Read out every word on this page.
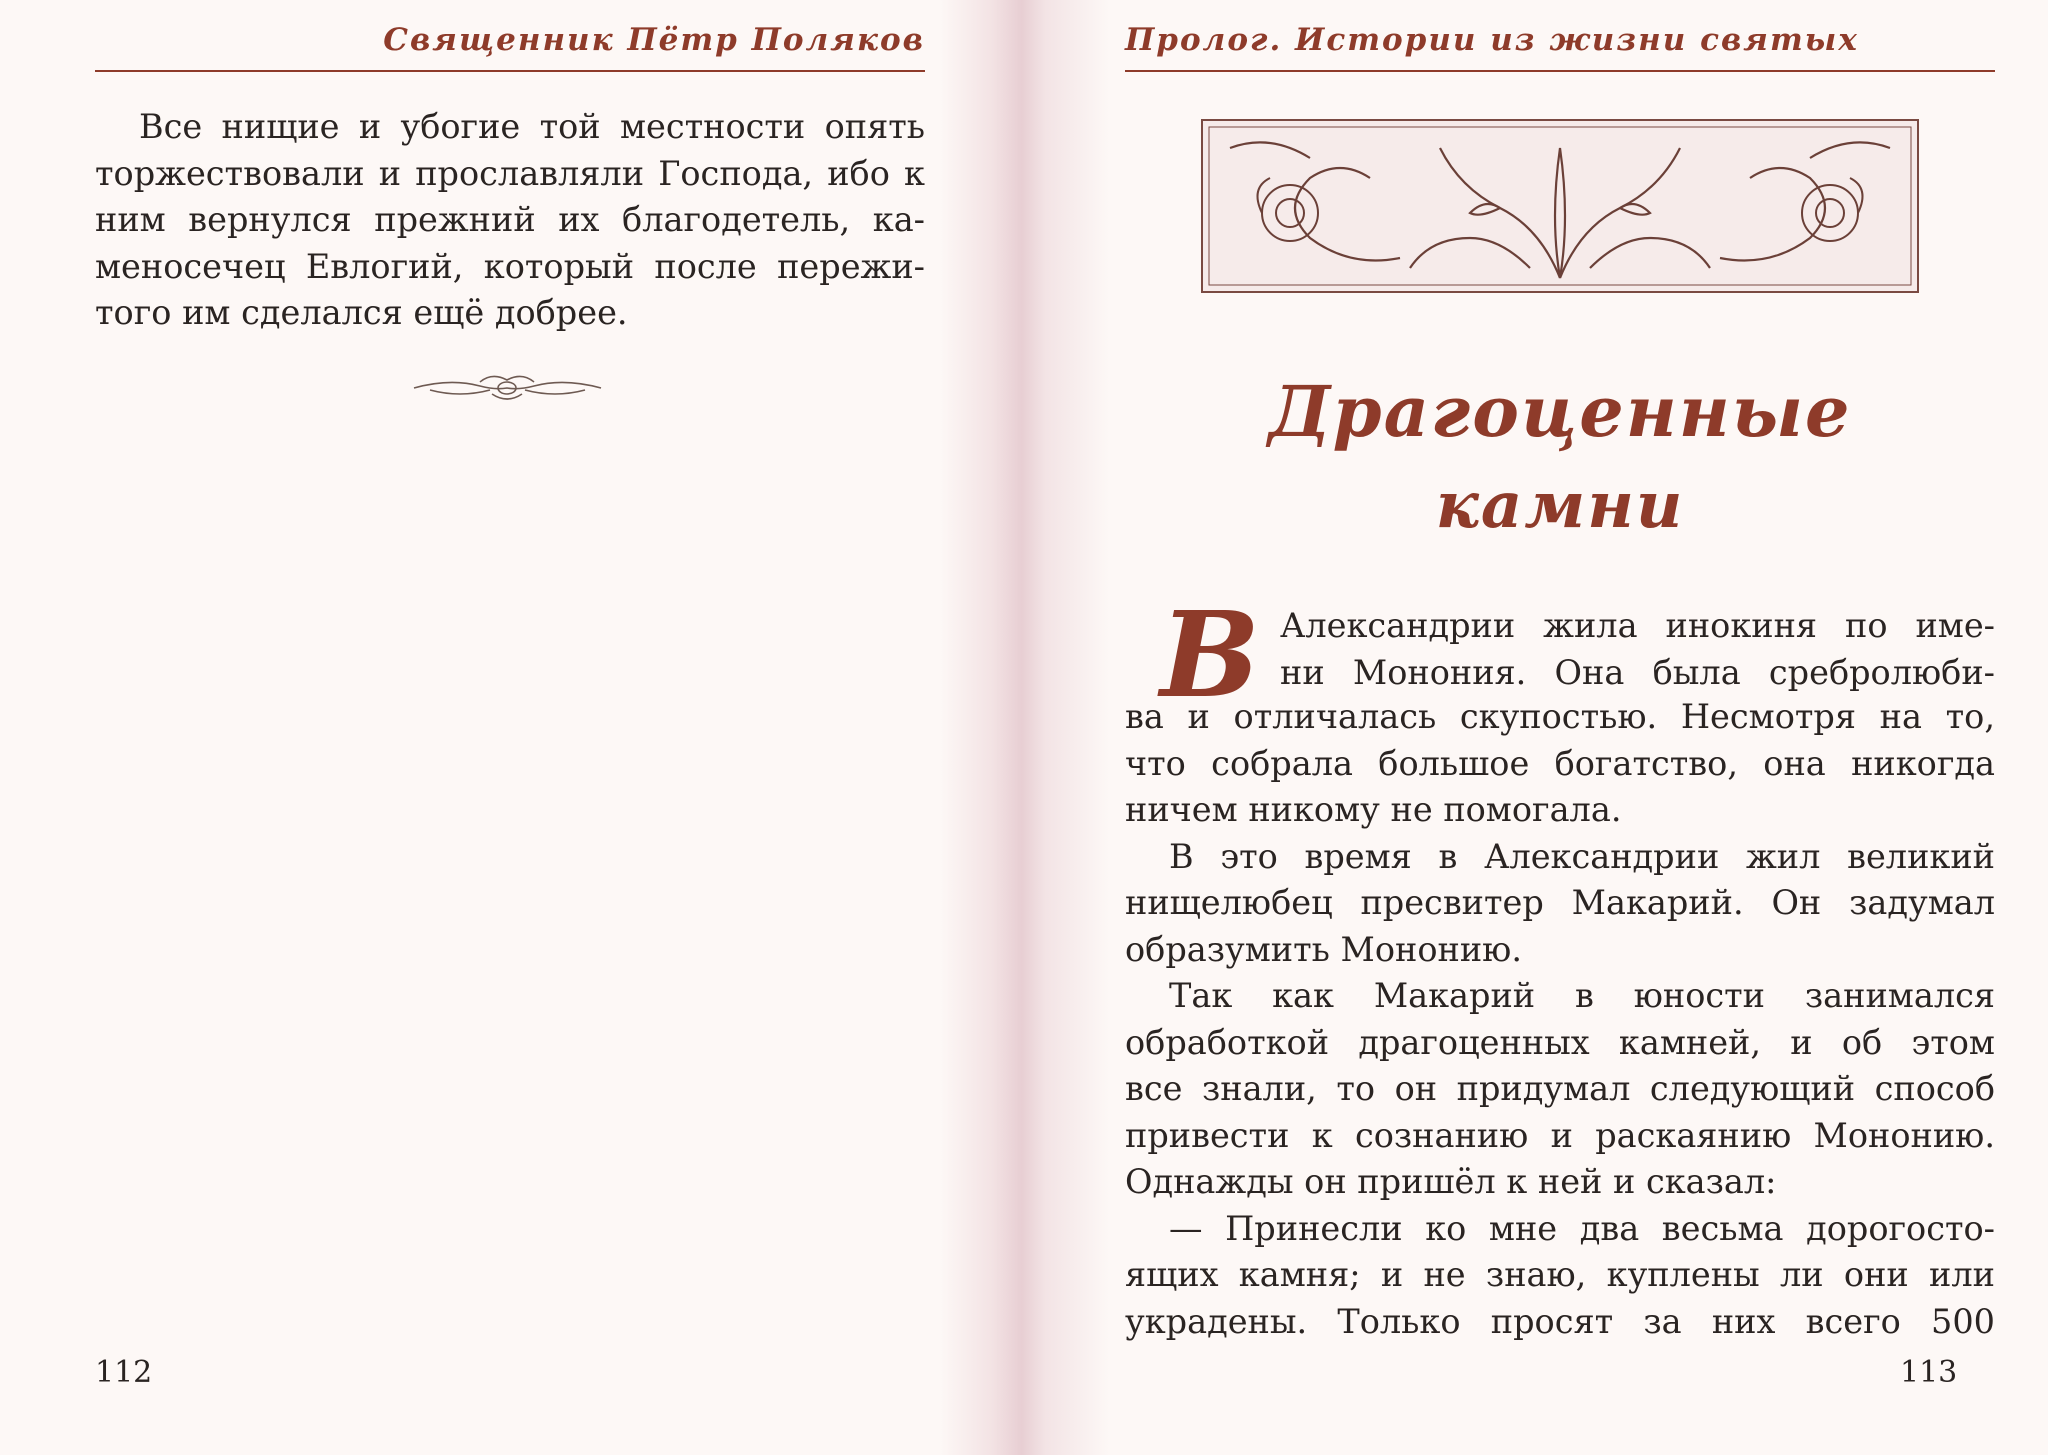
Священник Пётр Поляков
Все нищие и убогие той местности опять
торжествовали и прославляли Господа, ибо к
ним вернулся прежний их благодетель, ка-
меносечец Евлогий, который после пережи-
того им сделался ещё добрее.
112
Пролог. Истории из жизни святых
Драгоценные
камни
В Александрии жила инокиня по име-
ни Монония. Она была сребролюби-
ва и отличалась скупостью. Несмотря на то,
что собрала большое богатство, она никогда
ничем никому не помогала.
В это время в Александрии жил великий
нищелюбец пресвитер Макарий. Он задумал
образумить Мононию.
Так как Макарий в юности занимался
обработкой драгоценных камней, и об этом
все знали, то он придумал следующий способ
привести к сознанию и раскаянию Мононию.
Однажды он пришёл к ней и сказал:
— Принесли ко мне два весьма дорогосто-
ящих камня; и не знаю, куплены ли они или
украдены. Только просят за них всего 500
113
